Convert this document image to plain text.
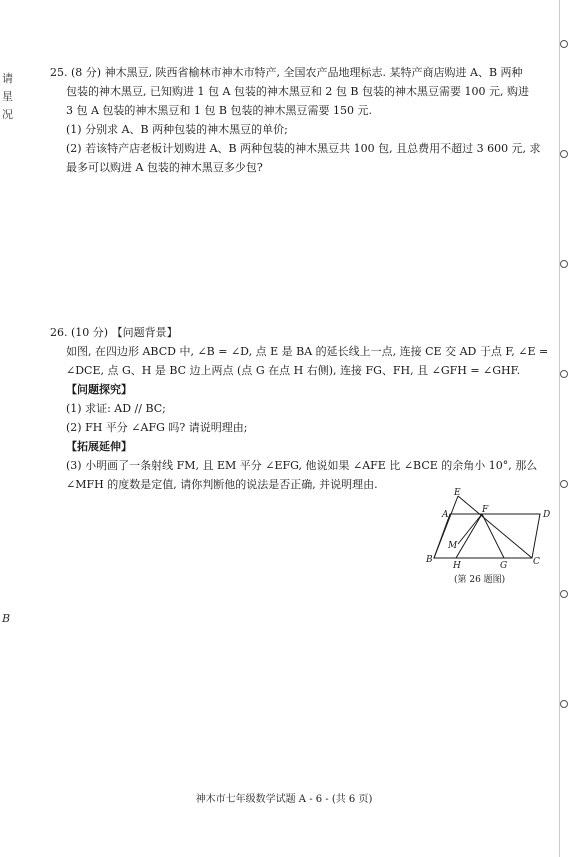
请
星
况
B
25. (8 分) 神木黑豆, 陕西省榆林市神木市特产, 全国农产品地理标志. 某特产商店购进 A、B 两种
包装的神木黑豆, 已知购进 1 包 A 包装的神木黑豆和 2 包 B 包装的神木黑豆需要 100 元, 购进
3 包 A 包装的神木黑豆和 1 包 B 包装的神木黑豆需要 150 元.
(1) 分别求 A、B 两种包装的神木黑豆的单价;
(2) 若该特产店老板计划购进 A、B 两种包装的神木黑豆共 100 包, 且总费用不超过 3 600 元, 求
最多可以购进 A 包装的神木黑豆多少包?
26. (10 分) 【问题背景】
如图, 在四边形 ABCD 中, ∠B = ∠D, 点 E 是 BA 的延长线上一点, 连接 CE 交 AD 于点 F, ∠E =
∠DCE, 点 G、H 是 BC 边上两点 (点 G 在点 H 右侧), 连接 FG、FH, 且 ∠GFH = ∠GHF.
【问题探究】
(1) 求证: AD // BC;
(2) FH 平分 ∠AFG 吗? 请说明理由;
【拓展延伸】
(3) 小明画了一条射线 FM, 且 EM 平分 ∠EFG, 他说如果 ∠AFE 比 ∠BCE 的余角小 10°, 那么
∠MFH 的度数是定值, 请你判断他的说法是否正确, 并说明理由.
E
A	F	D
M
B
H	G	C
(第 26 题图)
神木市七年级数学试题 A - 6 - (共 6 页)
